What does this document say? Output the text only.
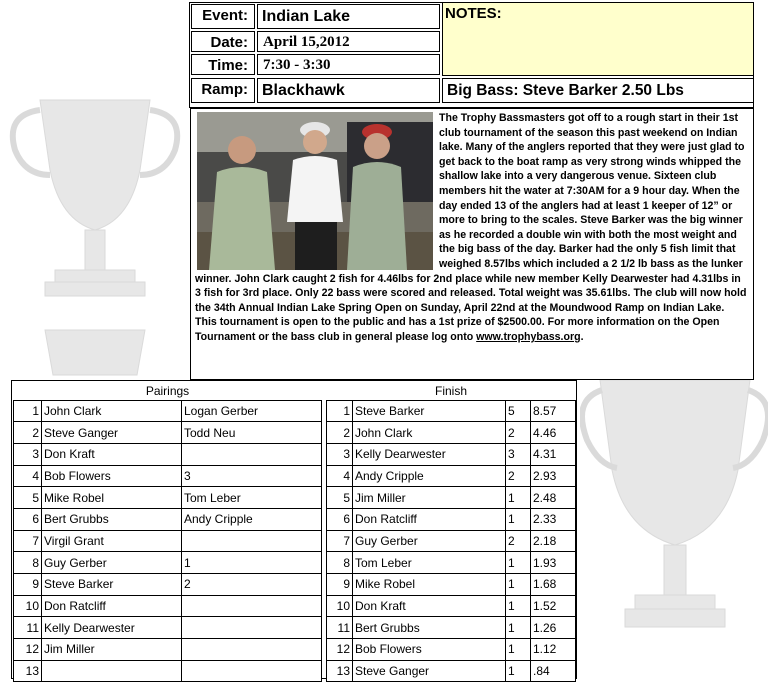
Event: Indian Lake
Date:	April 15,2012
Time:	7:30 - 3:30
Ramp: Blackhawk
NOTES:
Big Bass: Steve Barker 2.50 Lbs
The Trophy Bassmasters got off to a rough start in their 1st club tournament of the season this past weekend on Indian lake. Many of the anglers reported that they were just glad to get back to the boat ramp as very strong winds whipped the shallow lake into a very dangerous venue. Sixteen club members hit the water at 7:30AM for a 9 hour day. When the day ended 13 of the anglers had at least 1 keeper of 12” or more to bring to the scales. Steve Barker was the big winner as he recorded a double win with both the most weight and the big bass of the day. Barker had the only 5 fish limit that weighed 8.57lbs which included a 2 1/2 lb bass as the lunker winner. John Clark caught 2 fish for 4.46lbs for 2nd place while new member Kelly Dearwester had 4.31lbs in 3 fish for 3rd place. Only 22 bass were scored and released. Total weight was 35.61lbs. The club will now hold the 34th Annual Indian Lake Spring Open on Sunday, April 22nd at the Moundwood Ramp on Indian Lake. This tournament is open to the public and has a 1st prize of $2500.00. For more information on the Open Tournament or the bass club in general please log onto www.trophybass.org.
Pairings		
1	John Clark	Logan Gerber
2	Steve Ganger	Todd Neu
3	Don Kraft	
4	Bob Flowers	3
5	Mike Robel	Tom Leber
6	Bert Grubbs	Andy Cripple
7	Virgil Grant	
8	Guy Gerber	1
9	Steve Barker	2
10	Don Ratcliff	
11	Kelly Dearwester	
12	Jim Miller	
13		
Finish			
1	Steve Barker	5	8.57
2	John Clark	2	4.46
3	Kelly Dearwester	3	4.31
4	Andy Cripple	2	2.93
5	Jim Miller	1	2.48
6	Don Ratcliff	1	2.33
7	Guy Gerber	2	2.18
8	Tom Leber	1	1.93
9	Mike Robel	1	1.68
10	Don Kraft	1	1.52
11	Bert Grubbs	1	1.26
12	Bob Flowers	1	1.12
13	Steve Ganger	1	.84
